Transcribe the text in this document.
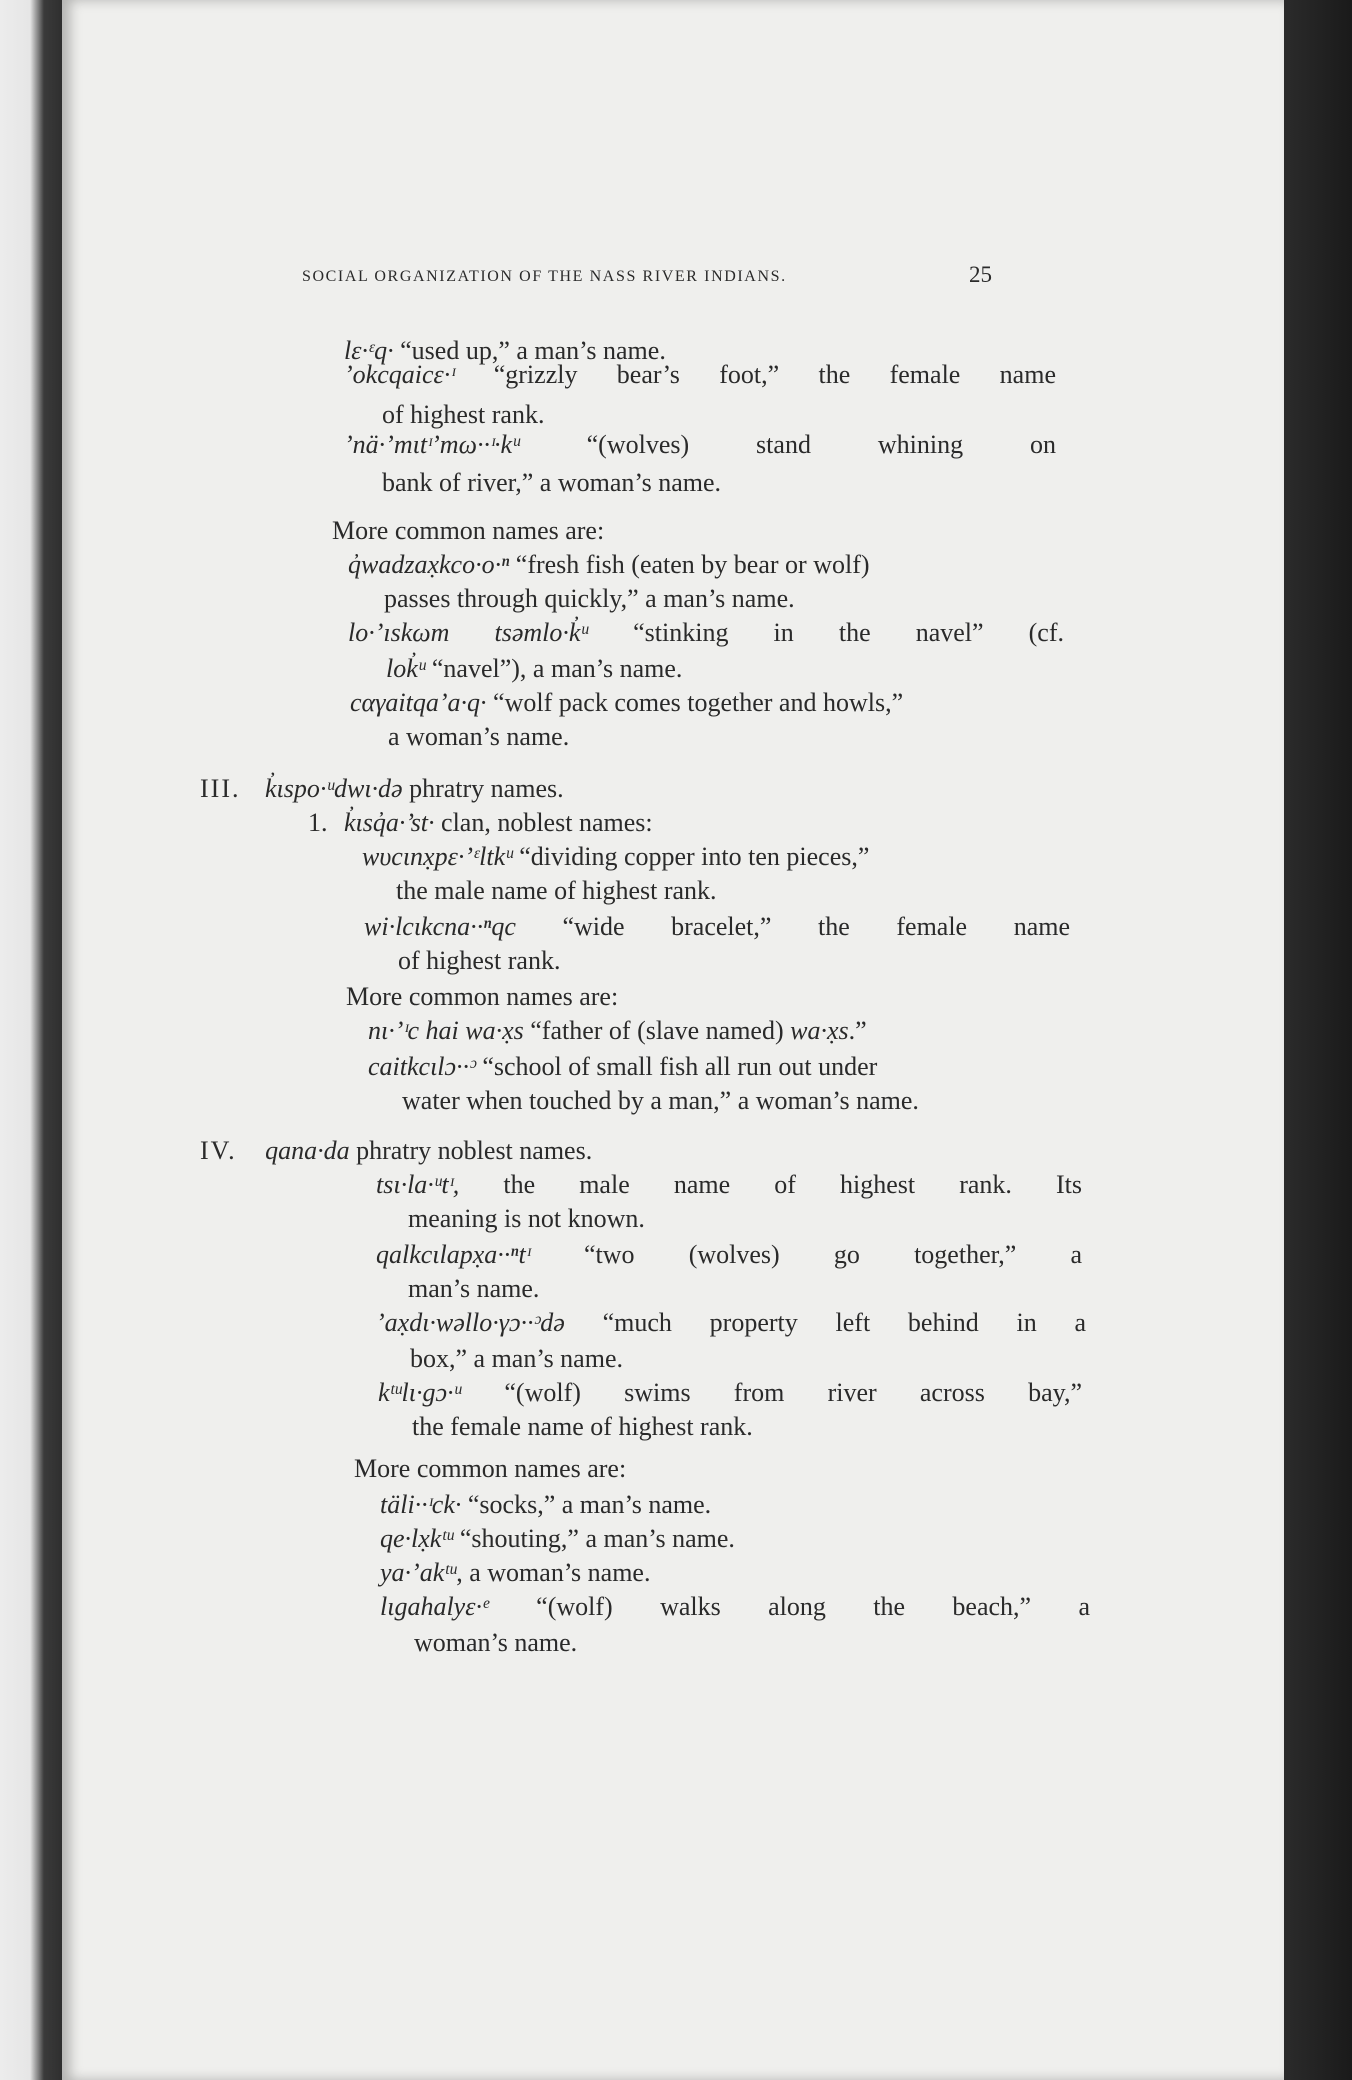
SOCIAL ORGANIZATION OF THE NASS RIVER INDIANS.	25
lɛ·ᵋq· “used up,” a man’s name.
’okcqaicɛ·ᶦ “grizzly bear’s foot,” the female name
of highest rank.
’nä·’mɩtᶦ’mω··ᶦ·kᵘ “(wolves) stand whining on
bank of river,” a woman’s name.
More common names are:
q̓wadzax̣kco·o·ⁿ “fresh fish (eaten by bear or wolf)
passes through quickly,” a man’s name.
lo·’ıskωm tsəmlo·k̓ᵘ “stinking in the navel” (cf.
lok̓ᵘ “navel”), a man’s name.
cαγaitqa’a·q· “wolf pack comes together and howls,”
a woman’s name.
III. k̓ɩspo·ᵘdwɩ·də phratry names.
1. k̓ɩsq̓a·’st· clan, noblest names:
wυcɩnx̣pɛ·’ᵋltkᵘ “dividing copper into ten pieces,”
the male name of highest rank.
wi·lcɩkcna··ⁿqc “wide bracelet,” the female name
of highest rank.
More common names are:
nɩ·’ᶦc hai wa·x̣s “father of (slave named) wa·x̣s.”
caitkcɩlɔ··ᵓ “school of small fish all run out under
water when touched by a man,” a woman’s name.
IV. qana·da phratry noblest names.
tsɩ·la·ᵘtᶦ, the male name of highest rank. Its
meaning is not known.
qalkcɩlapx̣a··ⁿtᶦ “two (wolves) go together,” a
man’s name.
’ax̣dɩ·wəllo·γɔ··ᵓdə “much property left behind in a
box,” a man’s name.
kᵗᵘlɩ·gɔ·ᵘ “(wolf) swims from river across bay,”
the female name of highest rank.
More common names are:
täli··ᶦck· “socks,” a man’s name.
qe·lx̣kᵗᵘ “shouting,” a man’s name.
ya·’akᵗᵘ, a woman’s name.
lɩgahalyɛ·ᵉ “(wolf) walks along the beach,” a
woman’s name.
